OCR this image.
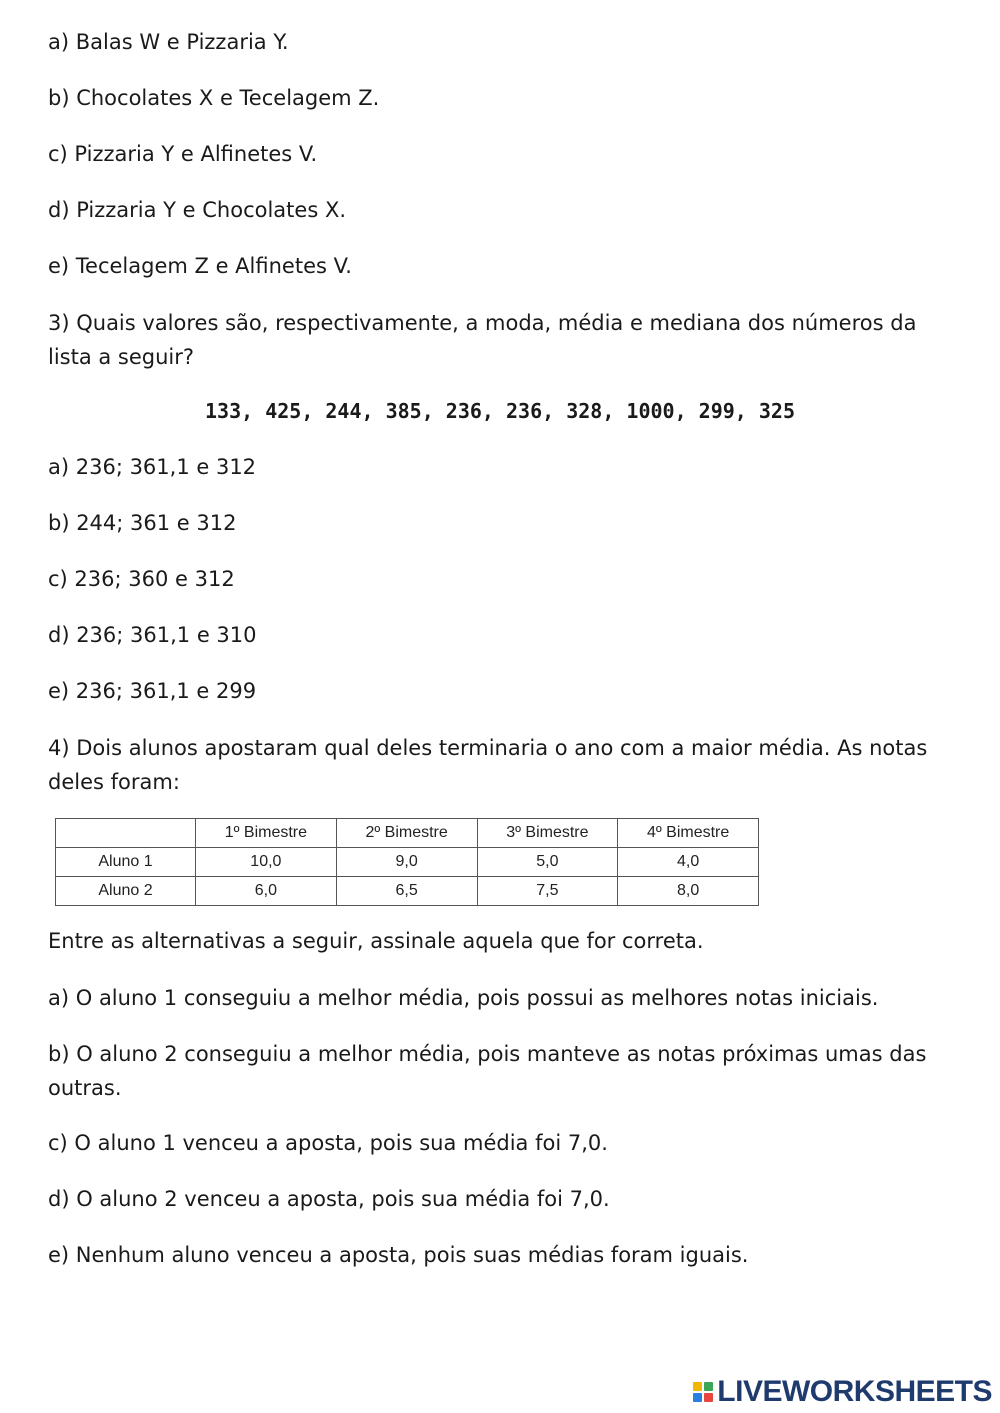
a) Balas W e Pizzaria Y.
b) Chocolates X e Tecelagem Z.
c) Pizzaria Y e Alfinetes V.
d) Pizzaria Y e Chocolates X.
e) Tecelagem Z e Alfinetes V.
3) Quais valores são, respectivamente, a moda, média e mediana dos números da lista a seguir?
133, 425, 244, 385, 236, 236, 328, 1000, 299, 325
a) 236; 361,1 e 312
b) 244; 361 e 312
c) 236; 360 e 312
d) 236; 361,1 e 310
e) 236; 361,1 e 299
4) Dois alunos apostaram qual deles terminaria o ano com a maior média. As notas deles foram:
	1º Bimestre	2º Bimestre	3º Bimestre	4º Bimestre
Aluno 1	10,0	9,0	5,0	4,0
Aluno 2	6,0	6,5	7,5	8,0
Entre as alternativas a seguir, assinale aquela que for correta.
a) O aluno 1 conseguiu a melhor média, pois possui as melhores notas iniciais.
b) O aluno 2 conseguiu a melhor média, pois manteve as notas próximas umas das outras.
c) O aluno 1 venceu a aposta, pois sua média foi 7,0.
d) O aluno 2 venceu a aposta, pois sua média foi 7,0.
e) Nenhum aluno venceu a aposta, pois suas médias foram iguais.
LIVEWORKSHEETS
